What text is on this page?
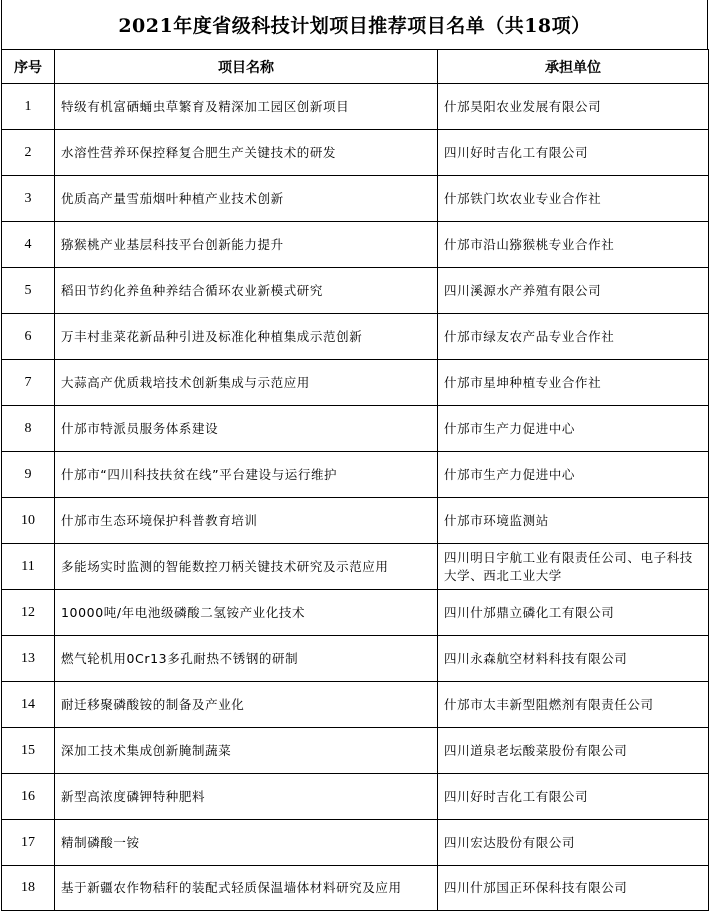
2021年度省级科技计划项目推荐项目名单（共18项）
序号	项目名称	承担单位
1	特级有机富硒蛹虫草繁育及精深加工园区创新项目	什邡昊阳农业发展有限公司
2	水溶性营养环保控释复合肥生产关键技术的研发	四川好时吉化工有限公司
3	优质高产量雪茄烟叶种植产业技术创新	什邡铁门坎农业专业合作社
4	猕猴桃产业基层科技平台创新能力提升	什邡市沿山猕猴桃专业合作社
5	稻田节约化养鱼种养结合循环农业新模式研究	四川溪源水产养殖有限公司
6	万丰村韭菜花新品种引进及标准化种植集成示范创新	什邡市绿友农产品专业合作社
7	大蒜高产优质栽培技术创新集成与示范应用	什邡市星坤种植专业合作社
8	什邡市特派员服务体系建设	什邡市生产力促进中心
9	什邡市“四川科技扶贫在线”平台建设与运行维护	什邡市生产力促进中心
10	什邡市生态环境保护科普教育培训	什邡市环境监测站
11	多能场实时监测的智能数控刀柄关键技术研究及示范应用	四川明日宇航工业有限责任公司、电子科技大学、西北工业大学
12	10000吨/年电池级磷酸二氢铵产业化技术	四川什邡鼎立磷化工有限公司
13	燃气轮机用0Cr13多孔耐热不锈钢的研制	四川永森航空材料科技有限公司
14	耐迁移聚磷酸铵的制备及产业化	什邡市太丰新型阻燃剂有限责任公司
15	深加工技术集成创新腌制蔬菜	四川道泉老坛酸菜股份有限公司
16	新型高浓度磷钾特种肥料	四川好时吉化工有限公司
17	精制磷酸一铵	四川宏达股份有限公司
18	基于新疆农作物秸秆的装配式轻质保温墙体材料研究及应用	四川什邡国正环保科技有限公司
